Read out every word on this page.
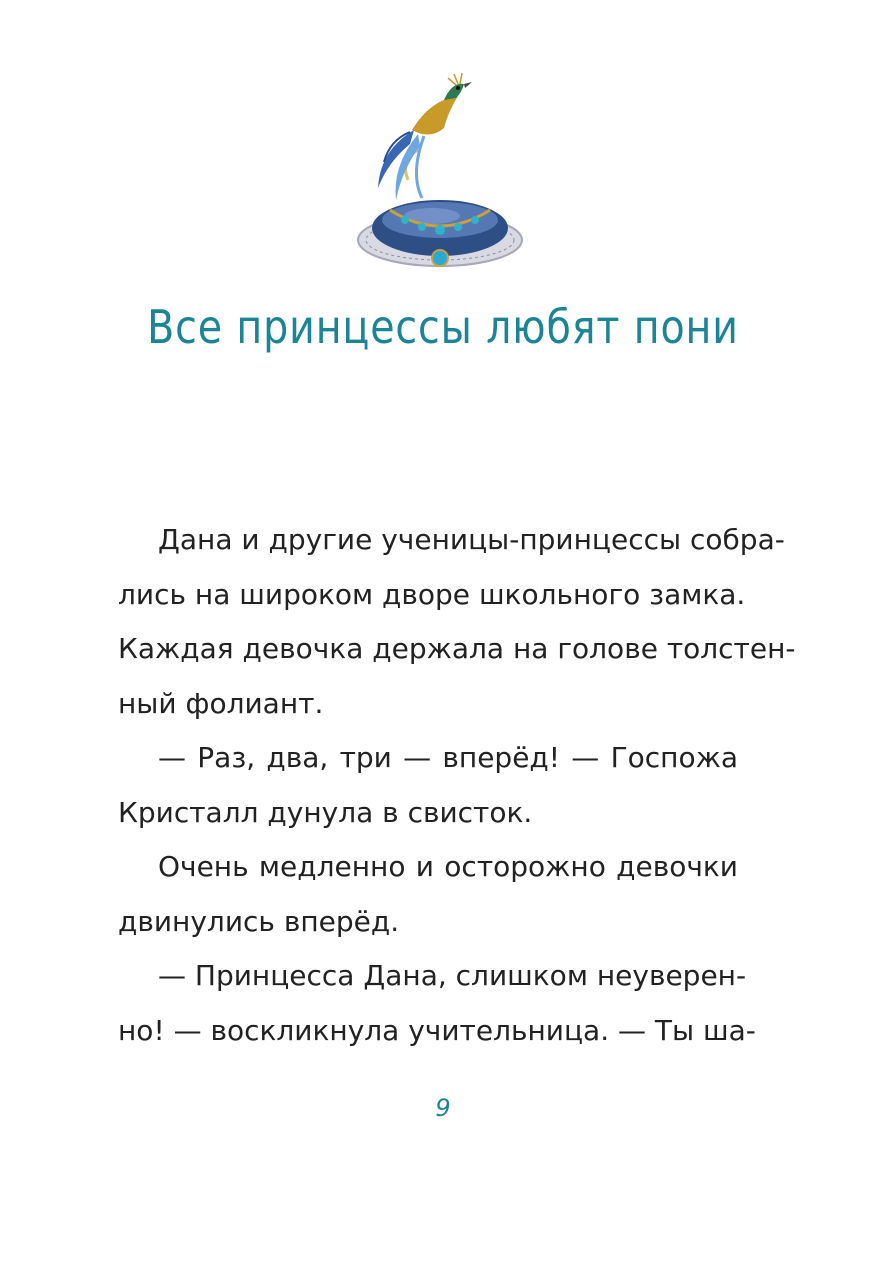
Все принцессы любят пони
Дана и другие ученицы-принцессы собра-
лись на широком дворе школьного замка.
Каждая девочка держала на голове толстен-
ный фолиант.
— Раз, два, три — вперёд! — Госпожа
Кристалл дунула в свисток.
Очень медленно и осторожно девочки
двинулись вперёд.
— Принцесса Дана, слишком неуверен-
но! — воскликнула учительница. — Ты ша-
9
